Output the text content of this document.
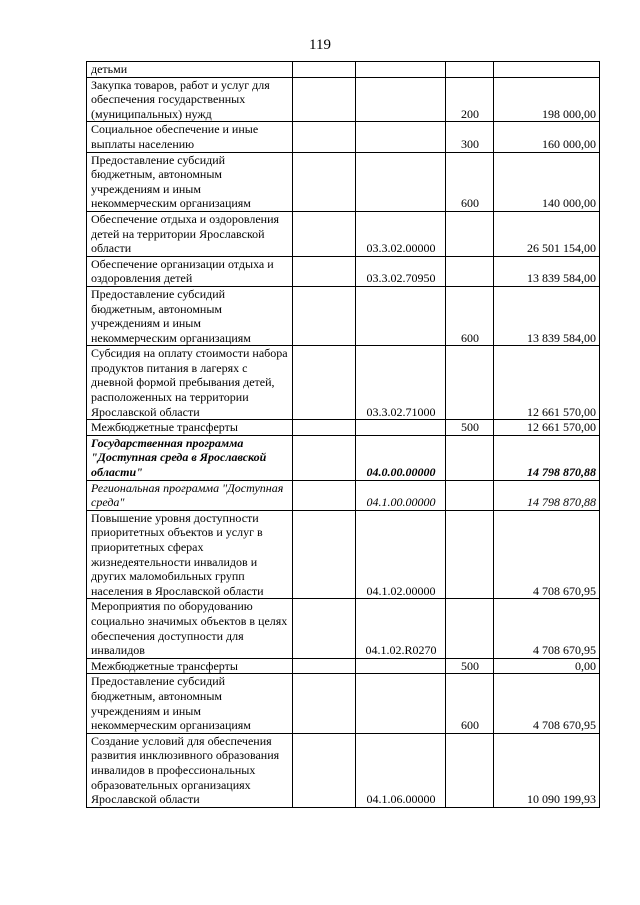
119
детьми				
Закупка товаров, работ и услуг для обеспечения государственных (муниципальных) нужд			200	198 000,00
Социальное обеспечение и иные выплаты населению			300	160 000,00
Предоставление субсидий бюджетным, автономным учреждениям и иным некоммерческим организациям			600	140 000,00
Обеспечение отдыха и оздоровления детей на территории Ярославской области		03.3.02.00000		26 501 154,00
Обеспечение организации отдыха и оздоровления детей		03.3.02.70950		13 839 584,00
Предоставление субсидий бюджетным, автономным учреждениям и иным некоммерческим организациям			600	13 839 584,00
Субсидия на оплату стоимости набора продуктов питания в лагерях с дневной формой пребывания детей, расположенных на территории Ярославской области		03.3.02.71000		12 661 570,00
Межбюджетные трансферты			500	12 661 570,00
Государственная программа "Доступная среда в Ярославской области"		04.0.00.00000		14 798 870,88
Региональная программа "Доступная среда"		04.1.00.00000		14 798 870,88
Повышение уровня доступности приоритетных объектов и услуг в приоритетных сферах жизнедеятельности инвалидов и других маломобильных групп населения в Ярославской области		04.1.02.00000		4 708 670,95
Мероприятия по оборудованию социально значимых объектов в целях обеспечения доступности для инвалидов		04.1.02.R0270		4 708 670,95
Межбюджетные трансферты			500	0,00
Предоставление субсидий бюджетным, автономным учреждениям и иным некоммерческим организациям			600	4 708 670,95
Создание условий для обеспечения развития инклюзивного образования инвалидов в профессиональных образовательных организациях Ярославской области		04.1.06.00000		10 090 199,93
